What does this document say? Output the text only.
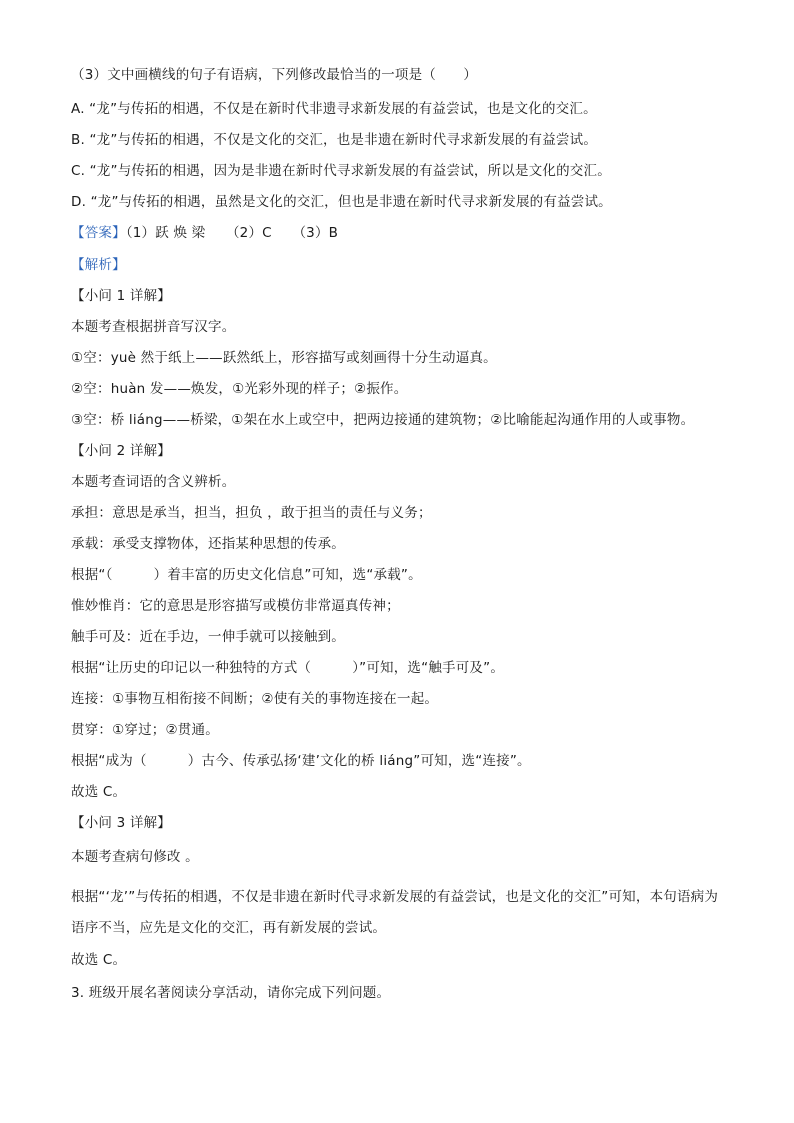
（3）文中画横线的句子有语病，下列修改最恰当的一项是（　　）
A. “龙”与传拓的相遇，不仅是在新时代非遗寻求新发展的有益尝试，也是文化的交汇。
B. “龙”与传拓的相遇，不仅是文化的交汇，也是非遗在新时代寻求新发展的有益尝试。
C. “龙”与传拓的相遇，因为是非遗在新时代寻求新发展的有益尝试，所以是文化的交汇。
D. “龙”与传拓的相遇，虽然是文化的交汇，但也是非遗在新时代寻求新发展的有益尝试。
【答案】（1）跃 焕 梁　　（2）C　　（3）B
【解析】
【小问 1 详解】
本题考查根据拼音写汉字。
①空：yuè 然于纸上——跃然纸上，形容描写或刻画得十分生动逼真。
②空：huàn 发——焕发，①光彩外现的样子；②振作。
③空：桥 liáng——桥梁，①架在水上或空中，把两边接通的建筑物；②比喻能起沟通作用的人或事物。
【小问 2 详解】
本题考查词语的含义辨析。
承担：意思是承当，担当，担负 ，敢于担当的责任与义务；
承载：承受支撑物体，还指某种思想的传承。
根据“（　　　）着丰富的历史文化信息”可知，选“承载”。
惟妙惟肖：它的意思是形容描写或模仿非常逼真传神；
触手可及：近在手边，一伸手就可以接触到。
根据“让历史的印记以一种独特的方式（　　　）”可知，选“触手可及”。
连接：①事物互相衔接不间断；②使有关的事物连接在一起。
贯穿：①穿过；②贯通。
根据“成为（　　　）古今、传承弘扬‘建’文化的桥 liáng”可知，选“连接”。
故选 C。
【小问 3 详解】
本题考查病句修改 。
根据“‘龙’”与传拓的相遇，不仅是非遗在新时代寻求新发展的有益尝试，也是文化的交汇”可知，本句语病为语序不当，应先是文化的交汇，再有新发展的尝试。
故选 C。
3. 班级开展名著阅读分享活动，请你完成下列问题。
